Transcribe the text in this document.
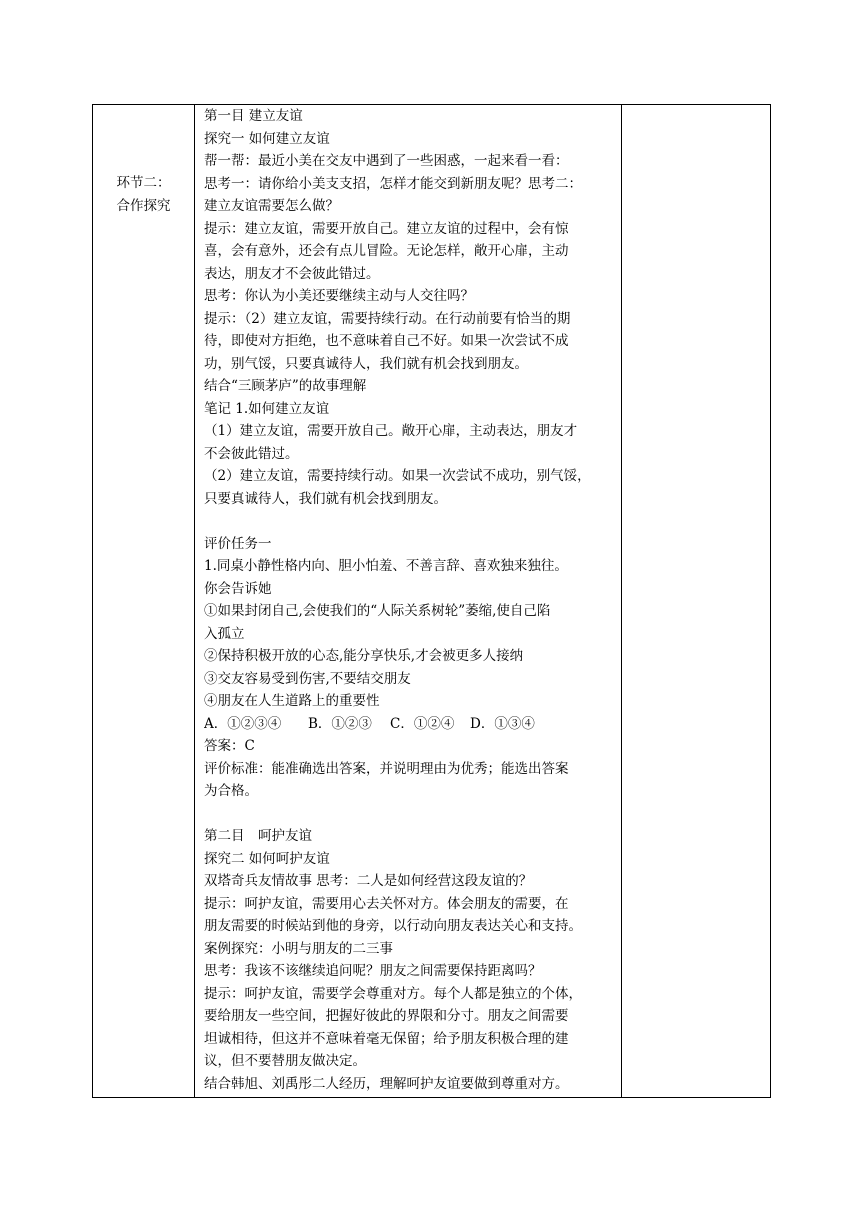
环节二：
合作探究

第一目 建立友谊
探究一 如何建立友谊
帮一帮：最近小美在交友中遇到了一些困惑，一起来看一看：
思考一：请你给小美支支招，怎样才能交到新朋友呢？思考二：
建立友谊需要怎么做？
提示：建立友谊，需要开放自己。建立友谊的过程中，会有惊
喜，会有意外，还会有点儿冒险。无论怎样，敞开心扉，主动
表达，朋友才不会彼此错过。
思考：你认为小美还要继续主动与人交往吗？
提示：（2）建立友谊，需要持续行动。在行动前要有恰当的期
待，即使对方拒绝，也不意味着自己不好。如果一次尝试不成
功，别气馁，只要真诚待人，我们就有机会找到朋友。
结合“三顾茅庐”的故事理解
笔记 1.如何建立友谊
（1）建立友谊，需要开放自己。敞开心扉，主动表达，朋友才
不会彼此错过。
（2）建立友谊，需要持续行动。如果一次尝试不成功，别气馁，
只要真诚待人，我们就有机会找到朋友。
评价任务一
1.同桌小静性格内向、胆小怕羞、不善言辞、喜欢独来独往。
你会告诉她
①如果封闭自己,会使我们的“人际关系树轮”萎缩,使自己陷
入孤立
②保持积极开放的心态,能分享快乐,才会被更多人接纳
③交友容易受到伤害,不要结交朋友
④朋友在人生道路上的重要性
A．①②③④ B．①②③ C．①②④ D．①③④
答案：C
评价标准：能准确选出答案，并说明理由为优秀；能选出答案
为合格。
第二目　呵护友谊
探究二 如何呵护友谊
双塔奇兵友情故事 思考：二人是如何经营这段友谊的？
提示：呵护友谊，需要用心去关怀对方。体会朋友的需要，在
朋友需要的时候站到他的身旁，以行动向朋友表达关心和支持。
案例探究：小明与朋友的二三事
思考：我该不该继续追问呢？朋友之间需要保持距离吗？
提示：呵护友谊，需要学会尊重对方。每个人都是独立的个体，
要给朋友一些空间，把握好彼此的界限和分寸。朋友之间需要
坦诚相待，但这并不意味着毫无保留；给予朋友积极合理的建
议，但不要替朋友做决定。
结合韩旭、刘禹彤二人经历，理解呵护友谊要做到尊重对方。
